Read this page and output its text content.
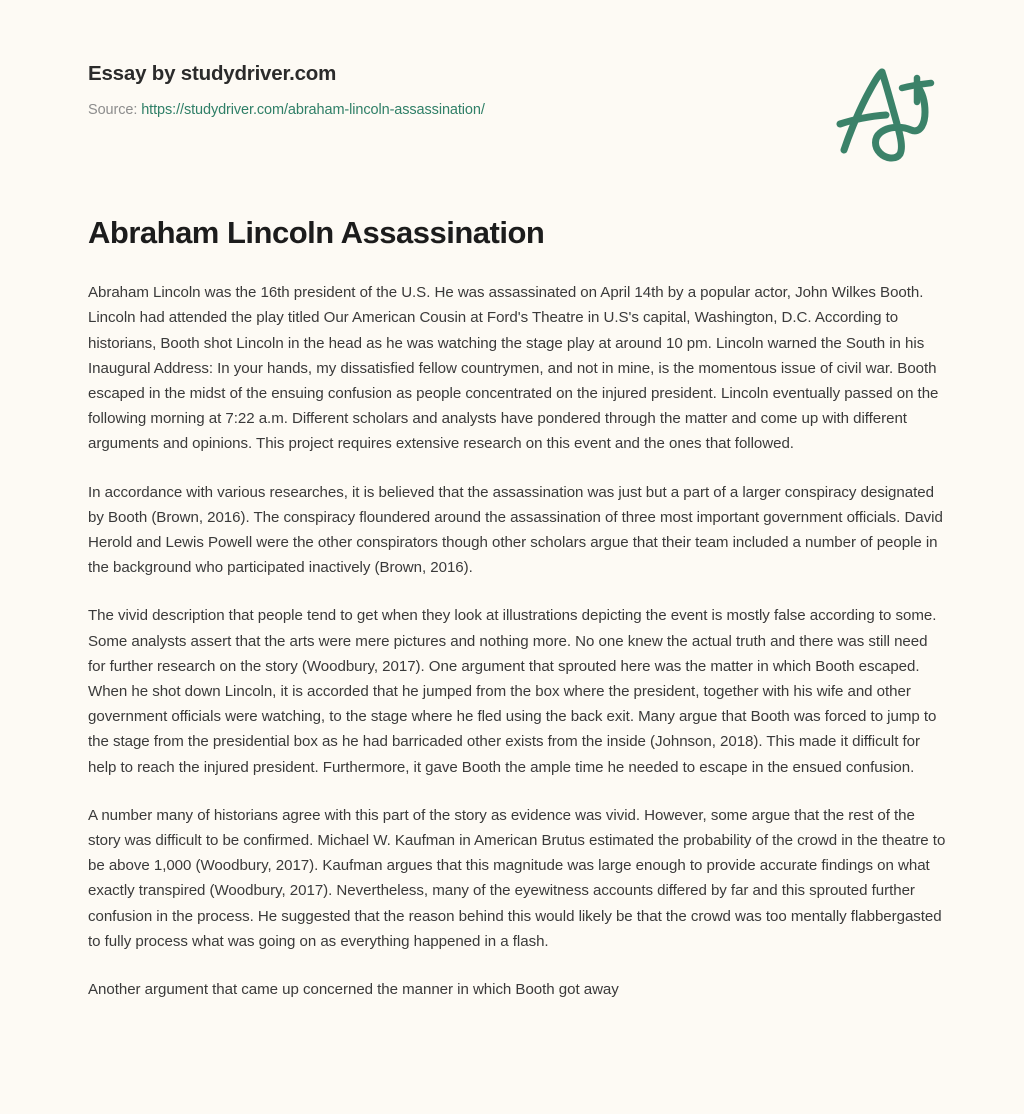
Essay by studydriver.com
Source: https://studydriver.com/abraham-lincoln-assassination/
Abraham Lincoln Assassination

Abraham Lincoln was the 16th president of the U.S. He was assassinated on April 14th by a popular actor, John Wilkes Booth. Lincoln had attended the play titled Our American Cousin at Ford's Theatre in U.S's capital, Washington, D.C. According to historians, Booth shot Lincoln in the head as he was watching the stage play at around 10 pm. Lincoln warned the South in his Inaugural Address: In your hands, my dissatisfied fellow countrymen, and not in mine, is the momentous issue of civil war. Booth escaped in the midst of the ensuing confusion as people concentrated on the injured president. Lincoln eventually passed on the following morning at 7:22 a.m. Different scholars and analysts have pondered through the matter and come up with different arguments and opinions. This project requires extensive research on this event and the ones that followed.

In accordance with various researches, it is believed that the assassination was just but a part of a larger conspiracy designated by Booth (Brown, 2016). The conspiracy floundered around the assassination of three most important government officials. David Herold and Lewis Powell were the other conspirators though other scholars argue that their team included a number of people in the background who participated inactively (Brown, 2016).

The vivid description that people tend to get when they look at illustrations depicting the event is mostly false according to some. Some analysts assert that the arts were mere pictures and nothing more. No one knew the actual truth and there was still need for further research on the story (Woodbury, 2017). One argument that sprouted here was the matter in which Booth escaped. When he shot down Lincoln, it is accorded that he jumped from the box where the president, together with his wife and other government officials were watching, to the stage where he fled using the back exit. Many argue that Booth was forced to jump to the stage from the presidential box as he had barricaded other exists from the inside (Johnson, 2018). This made it difficult for help to reach the injured president. Furthermore, it gave Booth the ample time he needed to escape in the ensued confusion.

A number many of historians agree with this part of the story as evidence was vivid. However, some argue that the rest of the story was difficult to be confirmed. Michael W. Kaufman in American Brutus estimated the probability of the crowd in the theatre to be above 1,000 (Woodbury, 2017). Kaufman argues that this magnitude was large enough to provide accurate findings on what exactly transpired (Woodbury, 2017). Nevertheless, many of the eyewitness accounts differed by far and this sprouted further confusion in the process. He suggested that the reason behind this would likely be that the crowd was too mentally flabbergasted to fully process what was going on as everything happened in a flash.

Another argument that came up concerned the manner in which Booth got away
